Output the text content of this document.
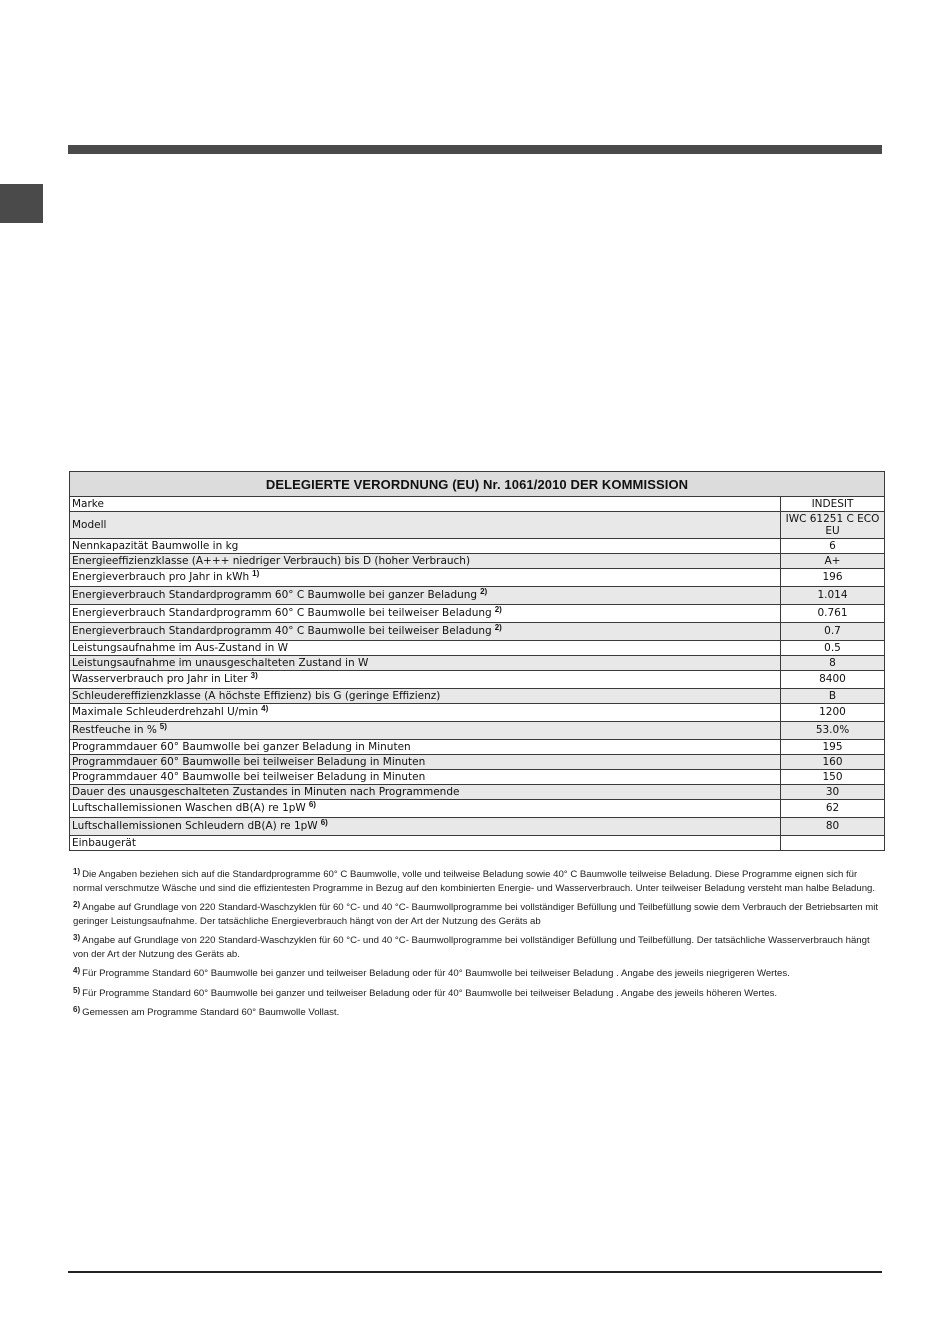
DELEGIERTE VERORDNUNG (EU) Nr. 1061/2010 DER KOMMISSION	
Marke	INDESIT
Modell	IWC 61251 C ECO EU
Nennkapazität Baumwolle in kg	6
Energieeffizienzklasse (A+++ niedriger Verbrauch) bis D (hoher Verbrauch)	A+
Energieverbrauch pro Jahr in kWh $^{1)}$	196
Energieverbrauch Standardprogramm 60° C Baumwolle bei ganzer Beladung $^{2)}$	1.014
Energieverbrauch Standardprogramm 60° C Baumwolle bei teilweiser Beladung $^{2)}$	0.761
Energieverbrauch Standardprogramm 40° C Baumwolle bei teilweiser Beladung $^{2)}$	0.7
Leistungsaufnahme im Aus-Zustand in W	0.5
Leistungsaufnahme im unausgeschalteten Zustand in W	8
Wasserverbrauch pro Jahr in Liter $^{3)}$	8400
Schleudereffizienzklasse (A höchste Effizienz) bis G (geringe Effizienz)	B
Maximale Schleuderdrehzahl U/min $^{4)}$	1200
Restfeuche in % $^{5)}$	53.0%
Programmdauer 60° Baumwolle bei ganzer Beladung in Minuten	195
Programmdauer 60° Baumwolle bei teilweiser Beladung in Minuten	160
Programmdauer 40° Baumwolle bei teilweiser Beladung in Minuten	150
Dauer des unausgeschalteten Zustandes in Minuten nach Programmende	30
Luftschallemissionen Waschen dB(A) re 1pW $^{6)}$	62
Luftschallemissionen Schleudern dB(A) re 1pW $^{6)}$	80
Einbaugerät	

$^{1)}$ Die Angaben beziehen sich auf die Standardprogramme 60° C Baumwolle, volle und teilweise Beladung sowie 40° C Baumwolle teilweise Beladung. Diese Programme eignen sich für normal verschmutze Wäsche und sind die effizientesten Programme in Bezug auf den kombinierten Energie- und Wasserverbrauch. Unter teilweiser Beladung versteht man halbe Beladung.

$^{2)}$ Angabe auf Grundlage von 220 Standard-Waschzyklen für 60 °C- und 40 °C- Baumwollprogramme bei vollständiger Befüllung und Teilbefüllung sowie dem Verbrauch der Betriebsarten mit geringer Leistungsaufnahme. Der tatsächliche Energieverbrauch hängt von der Art der Nutzung des Geräts ab

$^{3)}$ Angabe auf Grundlage von 220 Standard-Waschzyklen für 60 °C- und 40 °C- Baumwollprogramme bei vollständiger Befüllung und Teilbefüllung. Der tatsächliche Wasserverbrauch hängt von der Art der Nutzung des Geräts ab.

$^{4)}$ Für Programme Standard 60° Baumwolle bei ganzer und teilweiser Beladung oder für 40° Baumwolle bei teilweiser Beladung . Angabe des jeweils niegrigeren Wertes.

$^{5)}$ Für Programme Standard 60° Baumwolle bei ganzer und teilweiser Beladung oder für 40° Baumwolle bei teilweiser Beladung . Angabe des jeweils höheren Wertes.

$^{6)}$ Gemessen am Programme Standard 60° Baumwolle Vollast.
